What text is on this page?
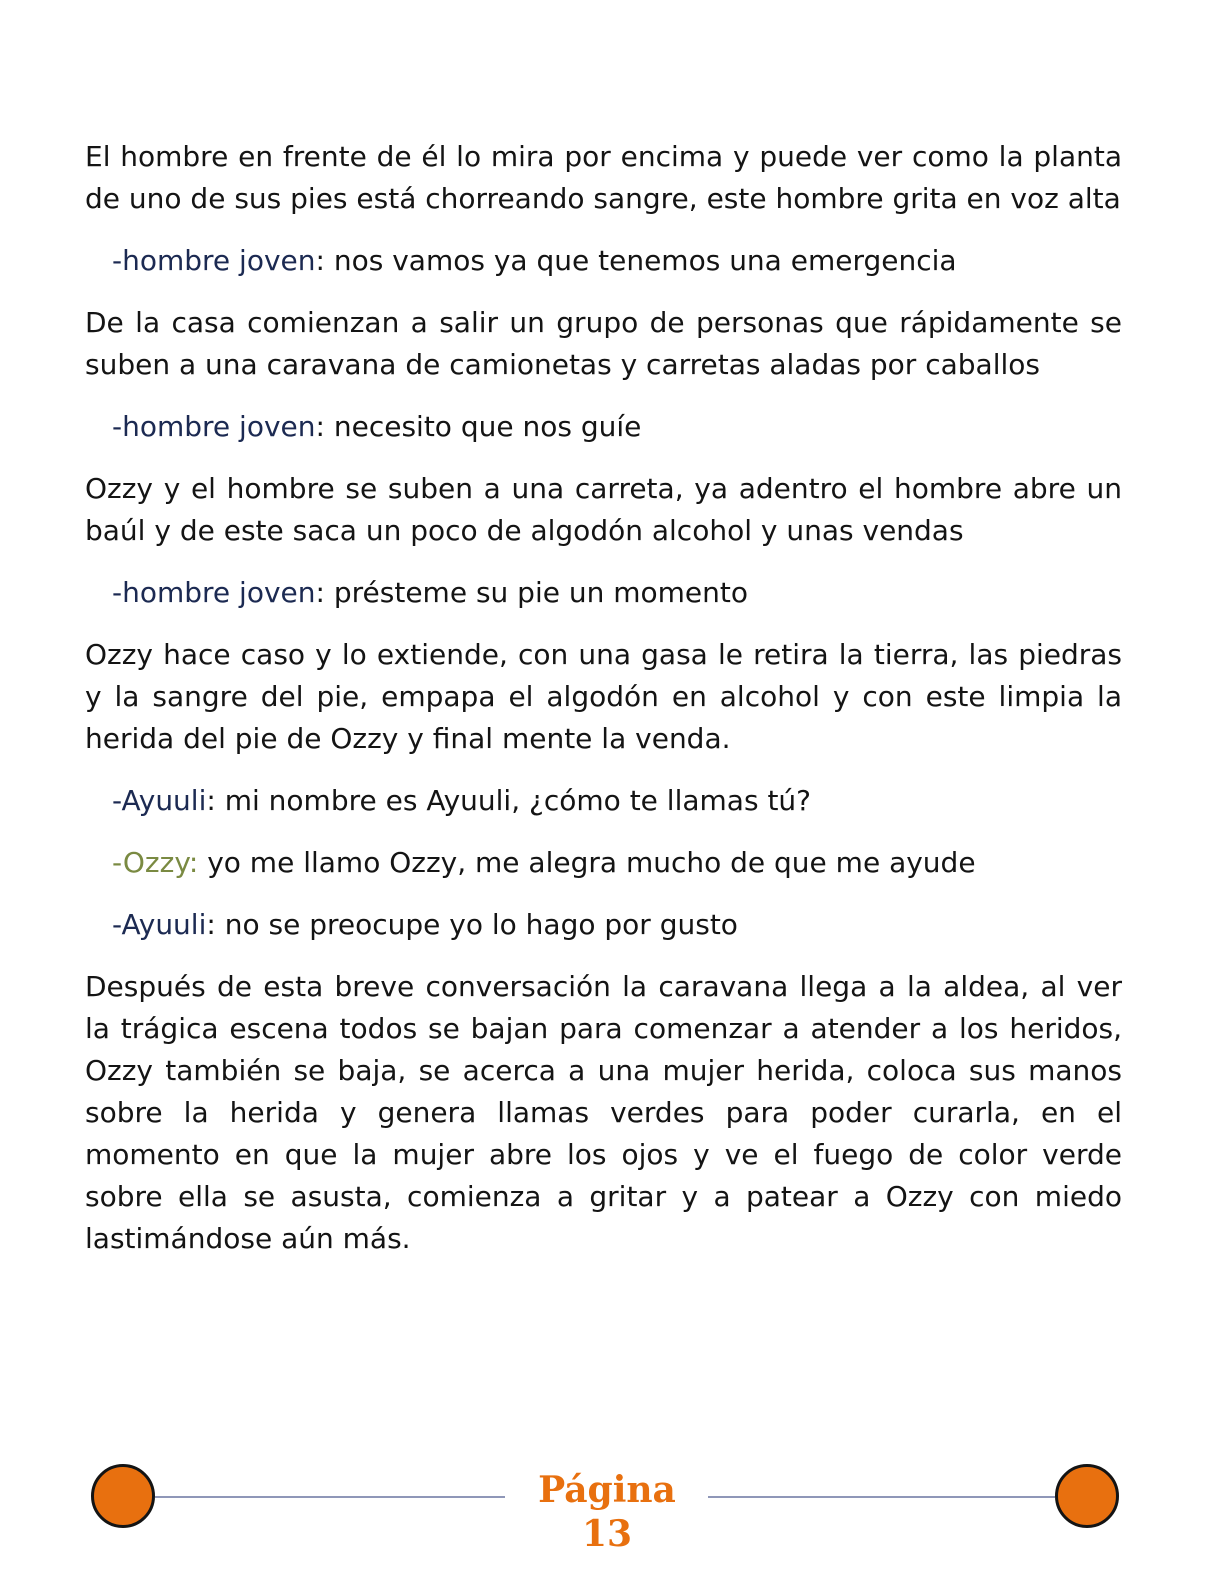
El hombre en frente de él lo mira por encima y puede ver como la planta de uno de sus pies está chorreando sangre, este hombre grita en voz alta

-hombre joven: nos vamos ya que tenemos una emergencia

De la casa comienzan a salir un grupo de personas que rápidamente se suben a una caravana de camionetas y carretas aladas por caballos

-hombre joven: necesito que nos guíe

Ozzy y el hombre se suben a una carreta, ya adentro el hombre abre un baúl y de este saca un poco de algodón alcohol y unas vendas

-hombre joven: présteme su pie un momento

Ozzy hace caso y lo extiende, con una gasa le retira la tierra, las piedras y la sangre del pie, empapa el algodón en alcohol y con este limpia la herida del pie de Ozzy y final mente la venda.

-Ayuuli: mi nombre es Ayuuli, ¿cómo te llamas tú?
-Ozzy: yo me llamo Ozzy, me alegra mucho de que me ayude
-Ayuuli: no se preocupe yo lo hago por gusto

Después de esta breve conversación la caravana llega a la aldea, al ver la trágica escena todos se bajan para comenzar a atender a los heridos, Ozzy también se baja, se acerca a una mujer herida, coloca sus manos sobre la herida y genera llamas verdes para poder curarla, en el momento en que la mujer abre los ojos y ve el fuego de color verde sobre ella se asusta, comienza a gritar y a patear a Ozzy con miedo lastimándose aún más.

Página
13
